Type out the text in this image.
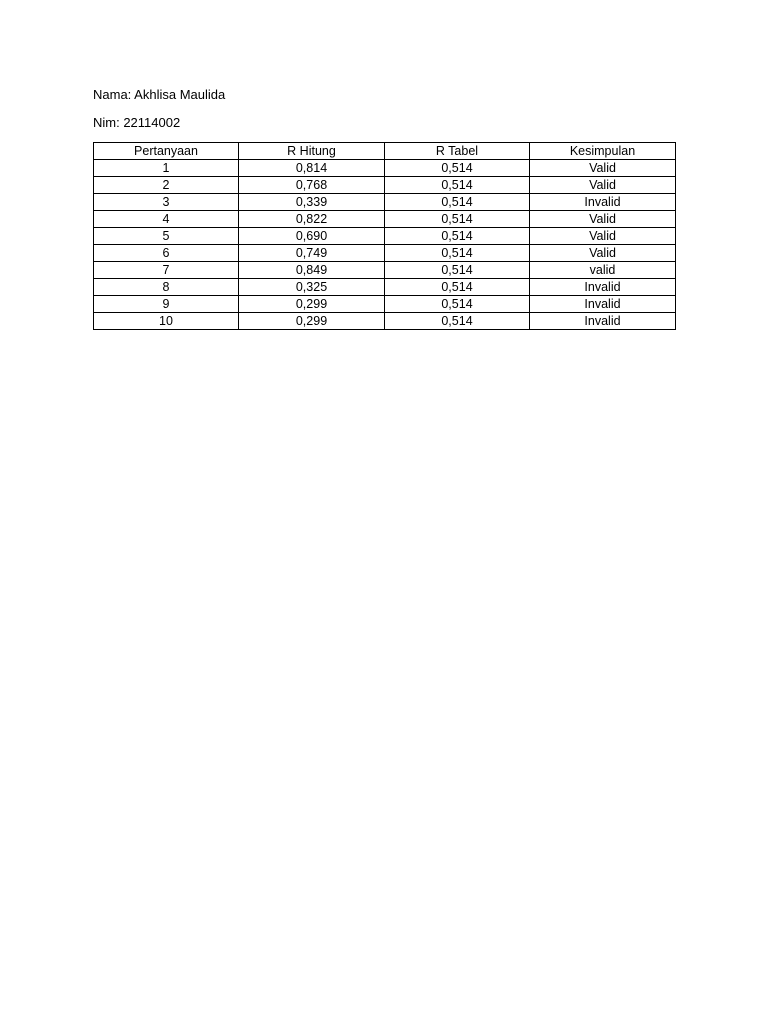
Nama: Akhlisa Maulida
Nim: 22114002
Pertanyaan	R Hitung	R Tabel	Kesimpulan
1	0,814	0,514	Valid
2	0,768	0,514	Valid
3	0,339	0,514	Invalid
4	0,822	0,514	Valid
5	0,690	0,514	Valid
6	0,749	0,514	Valid
7	0,849	0,514	valid
8	0,325	0,514	Invalid
9	0,299	0,514	Invalid
10	0,299	0,514	Invalid
